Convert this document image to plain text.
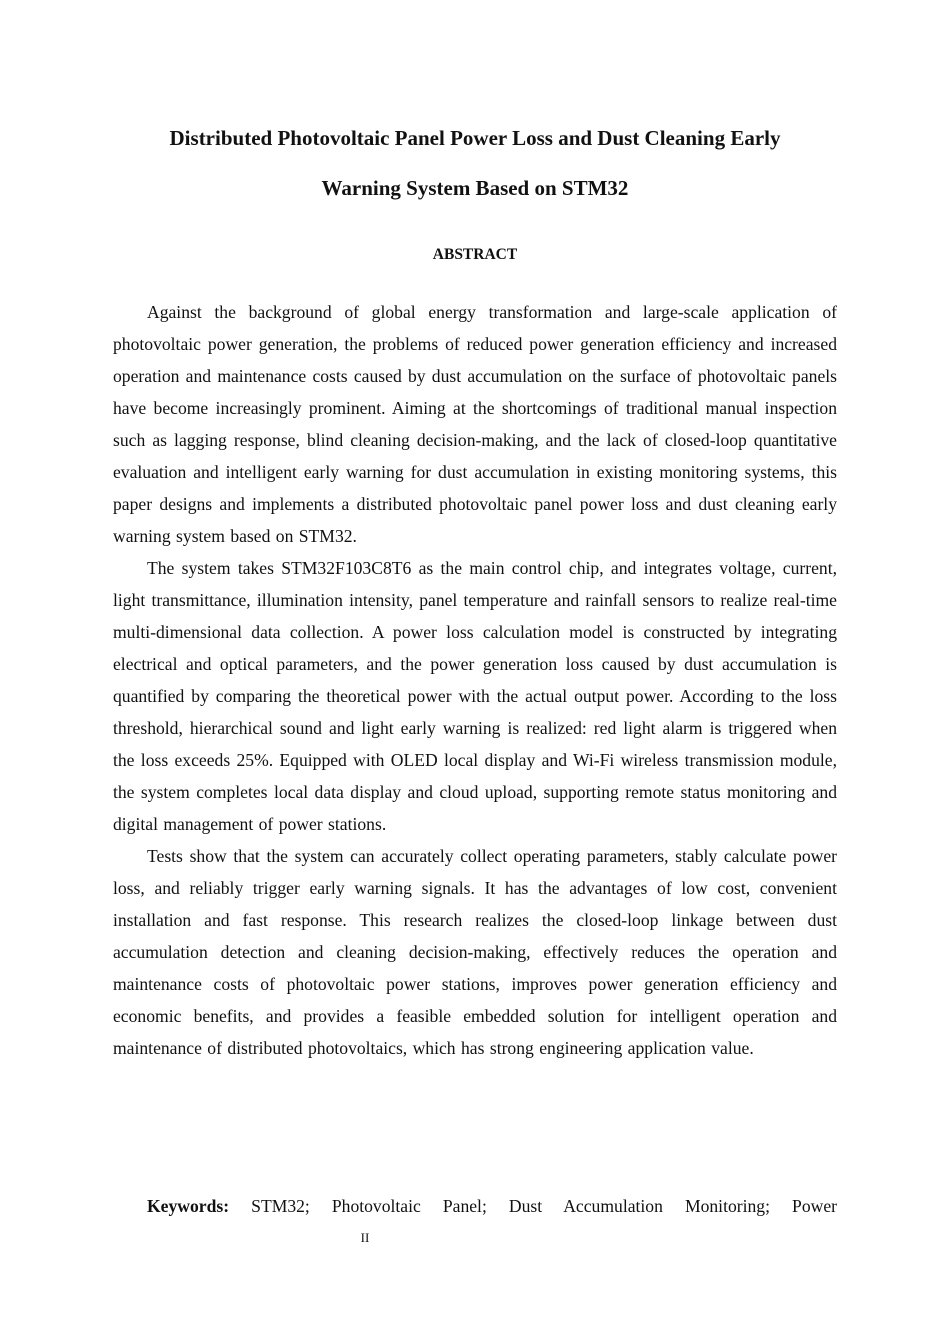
Distributed Photovoltaic Panel Power Loss and Dust Cleaning Early
Warning System Based on STM32
ABSTRACT

Against the background of global energy transformation and large-scale application of photovoltaic power generation, the problems of reduced power generation efficiency and increased operation and maintenance costs caused by dust accumulation on the surface of photovoltaic panels have become increasingly prominent. Aiming at the shortcomings of traditional manual inspection such as lagging response, blind cleaning decision-making, and the lack of closed-loop quantitative evaluation and intelligent early warning for dust accumulation in existing monitoring systems, this paper designs and implements a distributed photovoltaic panel power loss and dust cleaning early warning system based on STM32.

The system takes STM32F103C8T6 as the main control chip, and integrates voltage, current, light transmittance, illumination intensity, panel temperature and rainfall sensors to realize real-time multi-dimensional data collection. A power loss calculation model is constructed by integrating electrical and optical parameters, and the power generation loss caused by dust accumulation is quantified by comparing the theoretical power with the actual output power. According to the loss threshold, hierarchical sound and light early warning is realized: red light alarm is triggered when the loss exceeds 25%. Equipped with OLED local display and Wi-Fi wireless transmission module, the system completes local data display and cloud upload, supporting remote status monitoring and digital management of power stations.

Tests show that the system can accurately collect operating parameters, stably calculate power loss, and reliably trigger early warning signals. It has the advantages of low cost, convenient installation and fast response. This research realizes the closed-loop linkage between dust accumulation detection and cleaning decision-making, effectively reduces the operation and maintenance costs of photovoltaic power stations, improves power generation efficiency and economic benefits, and provides a feasible embedded solution for intelligent operation and maintenance of distributed photovoltaics, which has strong engineering application value.

Keywords: STM32; Photovoltaic Panel; Dust Accumulation Monitoring; Power
II
